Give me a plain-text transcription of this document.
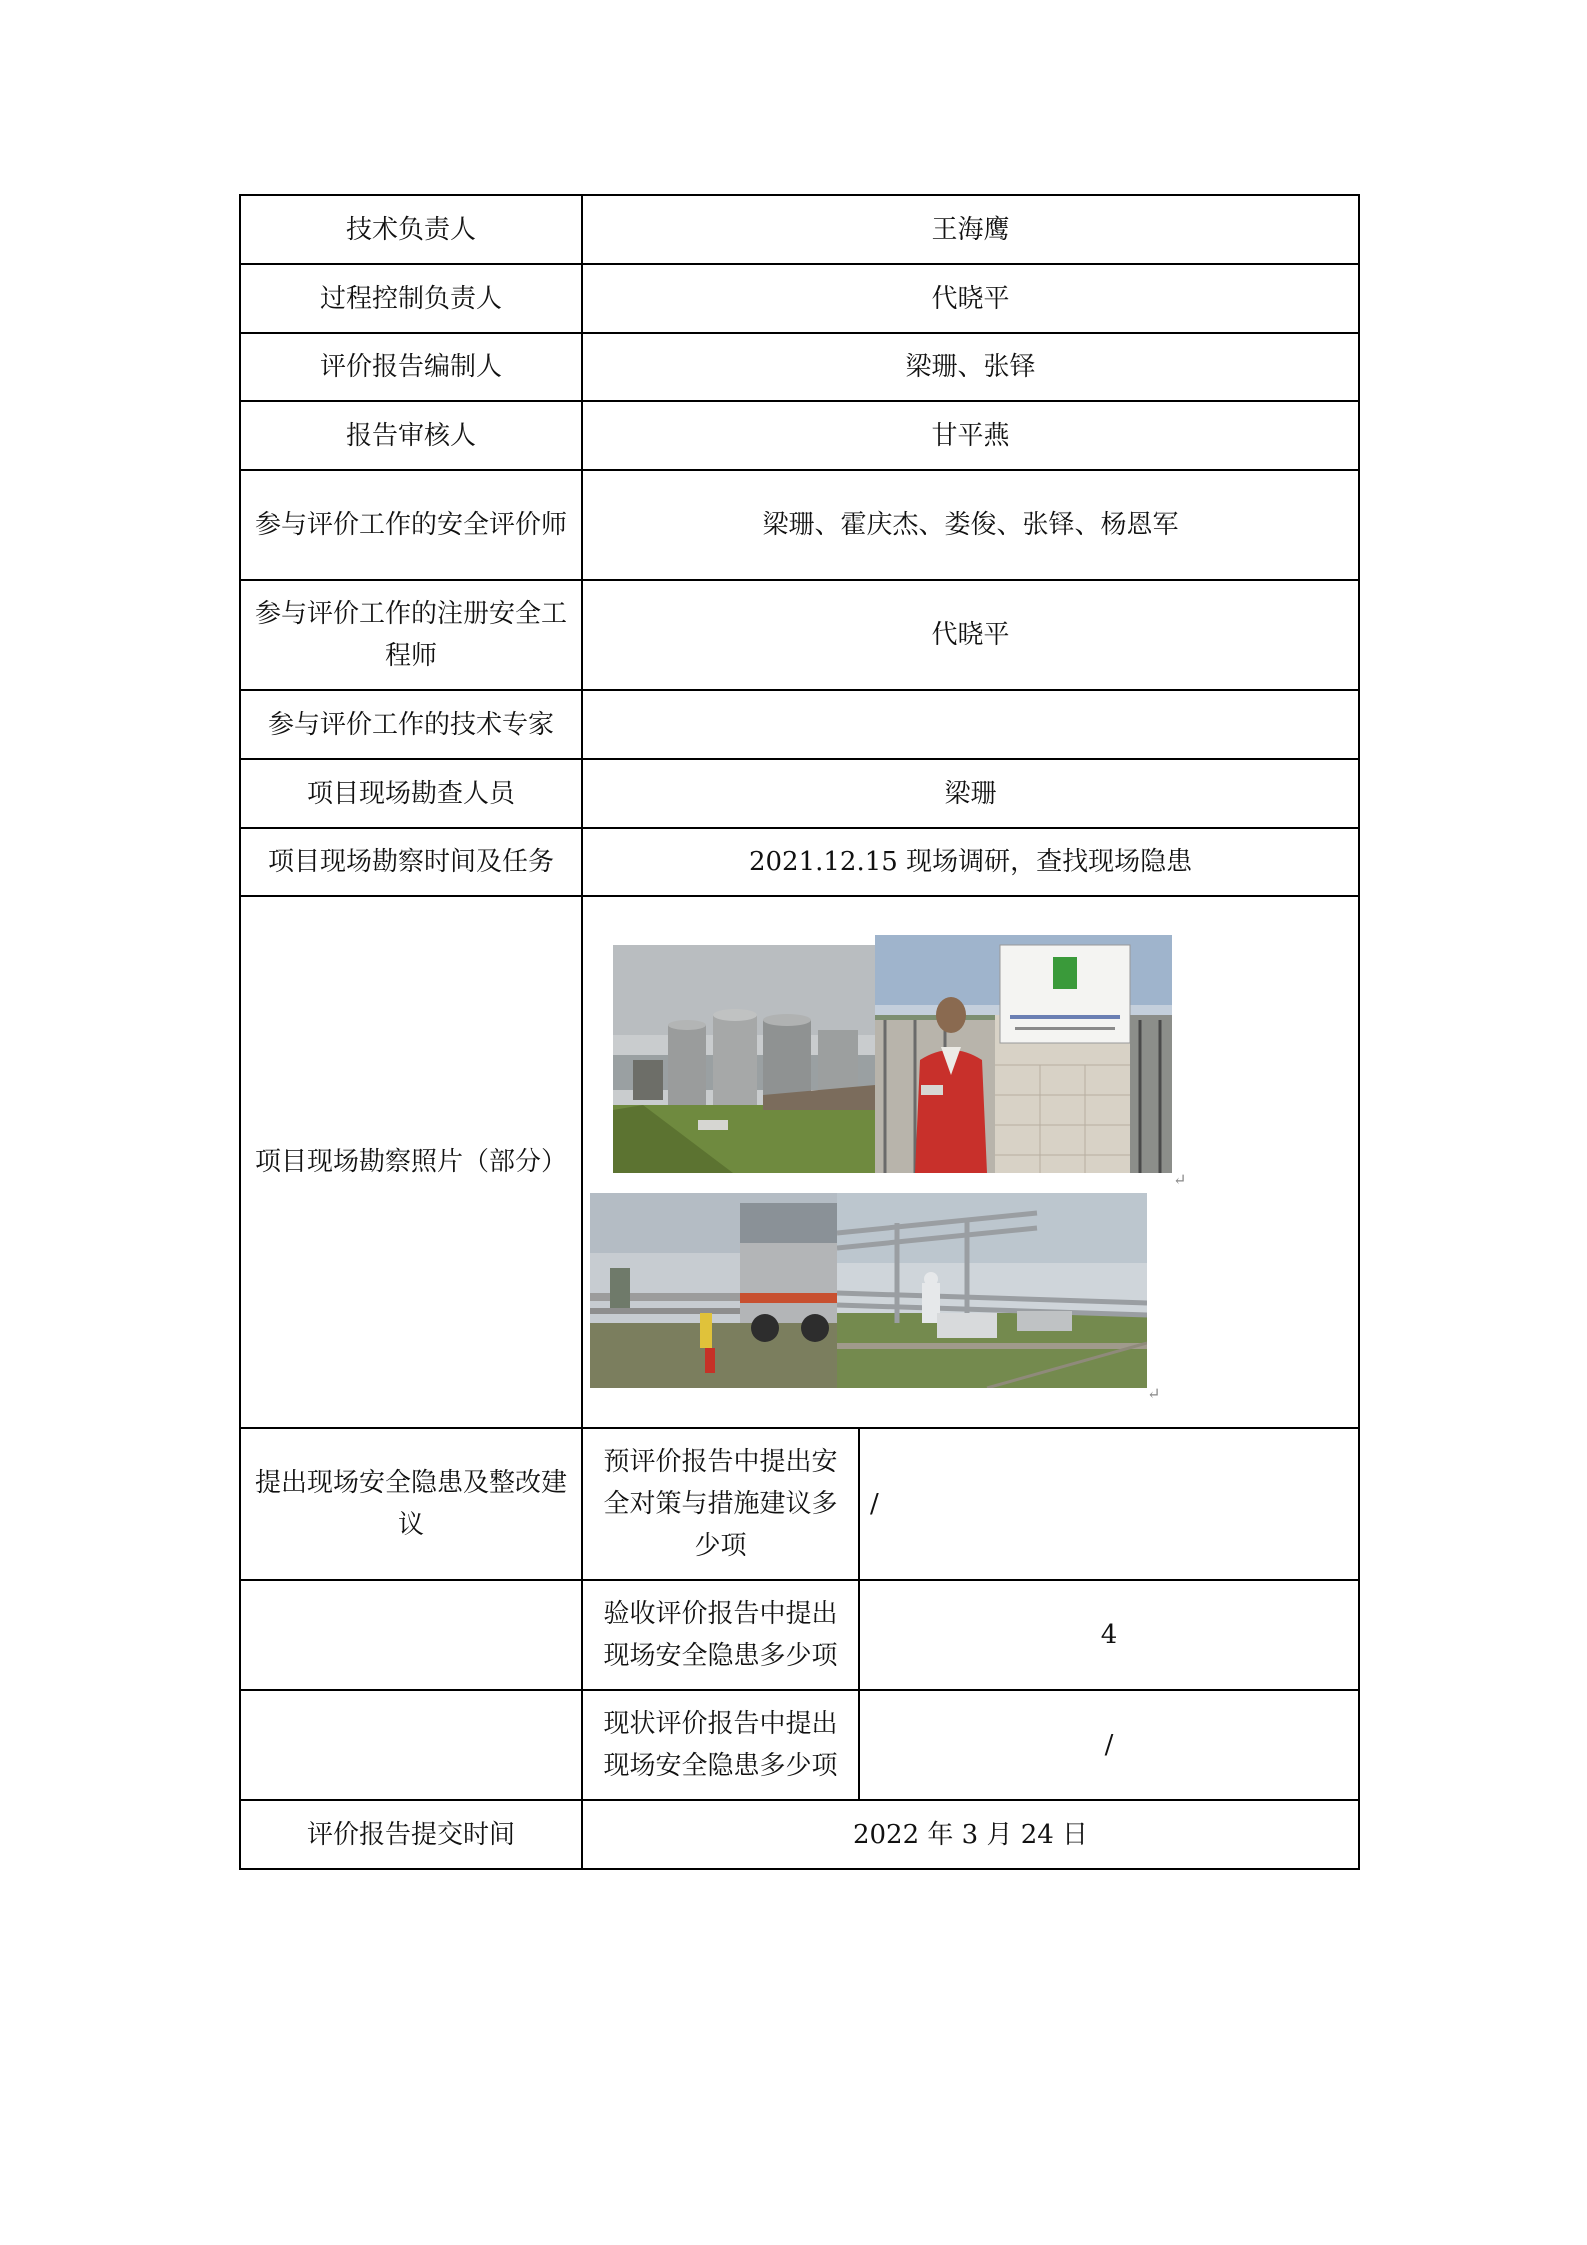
技术负责人	王海鹰	
过程控制负责人	代晓平	
评价报告编制人	梁珊、张铎	
报告审核人	甘平燕	
参与评价工作的安全评价师	梁珊、霍庆杰、娄俊、张铎、杨恩军	
参与评价工作的注册安全工程师	代晓平	
参与评价工作的技术专家		
项目现场勘查人员	梁珊	
项目现场勘察时间及任务	2021.12.15 现场调研，查找现场隐患	
项目现场勘察照片（部分）	↵
↵	

提出现场安全隐患及整改建议	预评价报告中提出安全对策与措施建议多少项	/
	验收评价报告中提出现场安全隐患多少项	4
	现状评价报告中提出现场安全隐患多少项	/
评价报告提交时间	2022 年 3 月 24 日	
